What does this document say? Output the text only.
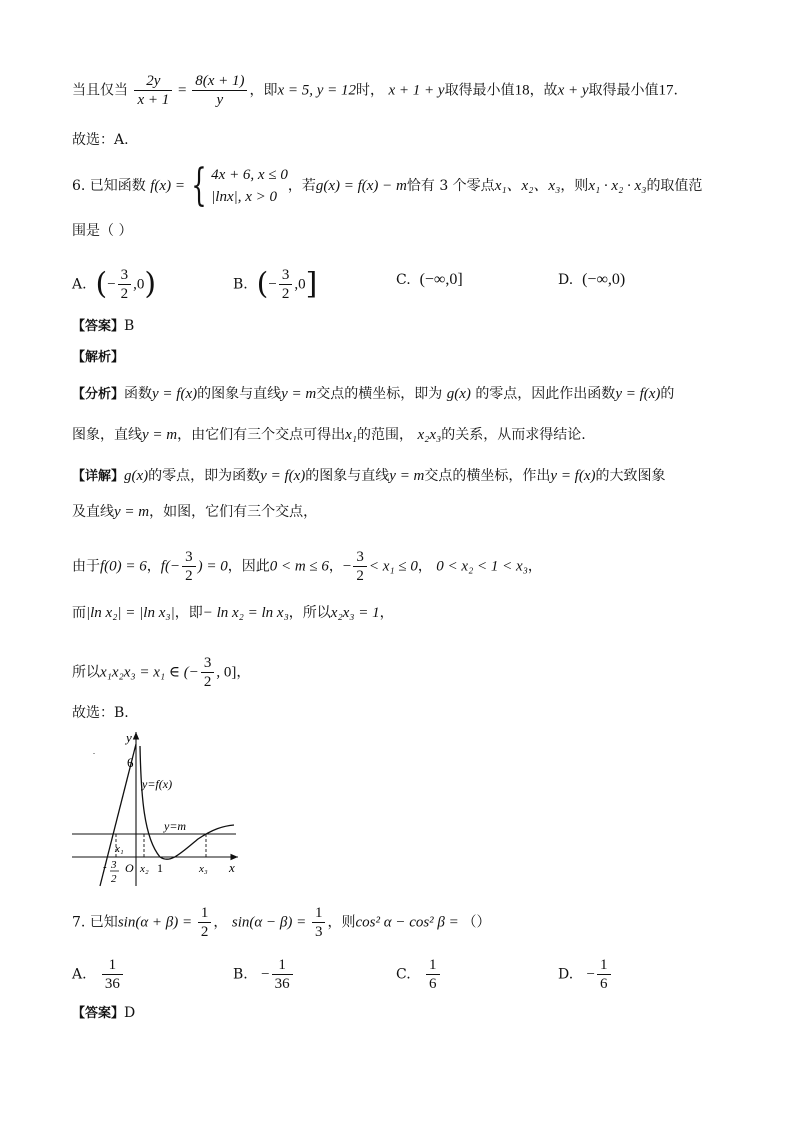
当且仅当 $\frac{2y}{x + 1} = \frac{8(x + 1)}{y}$ ，即x = 5, y = 12时， x + 1 + y取得最小值18，故x + y取得最小值17.
故选：A.
6. 已知函数 f(x) = { 4x + 6, x ≤ 0
|lnx|, x > 0
，若g(x) = f(x) − m恰有 3 个零点x₁、x₂、x₃，则x₁ · x₂ · x₃的取值范
围是（ ）
A. (− $\frac{3}{2} ,0$)	B. (− $\frac{3}{2} ,0$]	C. (−∞,0]	D. (−∞,0)
【答案】B
【解析】
【分析】函数y = f(x)的图象与直线y = m交点的横坐标，即为 g(x) 的零点，因此作出函数y = f(x)的
图象，直线y = m，由它们有三个交点可得出x₁的范围， x₂x₃的关系，从而求得结论.
【详解】g(x)的零点，即为函数y = f(x)的图象与直线y = m交点的横坐标，作出y = f(x)的大致图象
及直线y = m，如图，它们有三个交点，
由于f(0) = 6，$f(- \frac{3}{2}$ ) = 0，因此0 < m ≤ 6，− $\frac{3}{2} < x_1 \le 0$， 0 < x₂ < 1 < x₃，
而|ln x₂| = |ln x₃|，即− ln x₂ = ln x₃，所以x₂x₃ = 1，
所以x₁x₂x₃ = x₁ ∈ (− $\frac{3}{2}$ , 0]，
故选：B.
y
x
6
y=f(x)
y=m
x₁
O x₂ 1	x₃
- 3
2
.
7. 已知$\sin(\alpha + \beta) = \frac{1}{2}$ ， $\sin(\alpha - \beta) = \frac{1}{3}$ ，则cos² α − cos² β = （）
A. $\frac{1}{36}$	B. − $\frac{1}{36}$	C. $\frac{1}{6}$	D. − $\frac{1}{6}$
【答案】D
